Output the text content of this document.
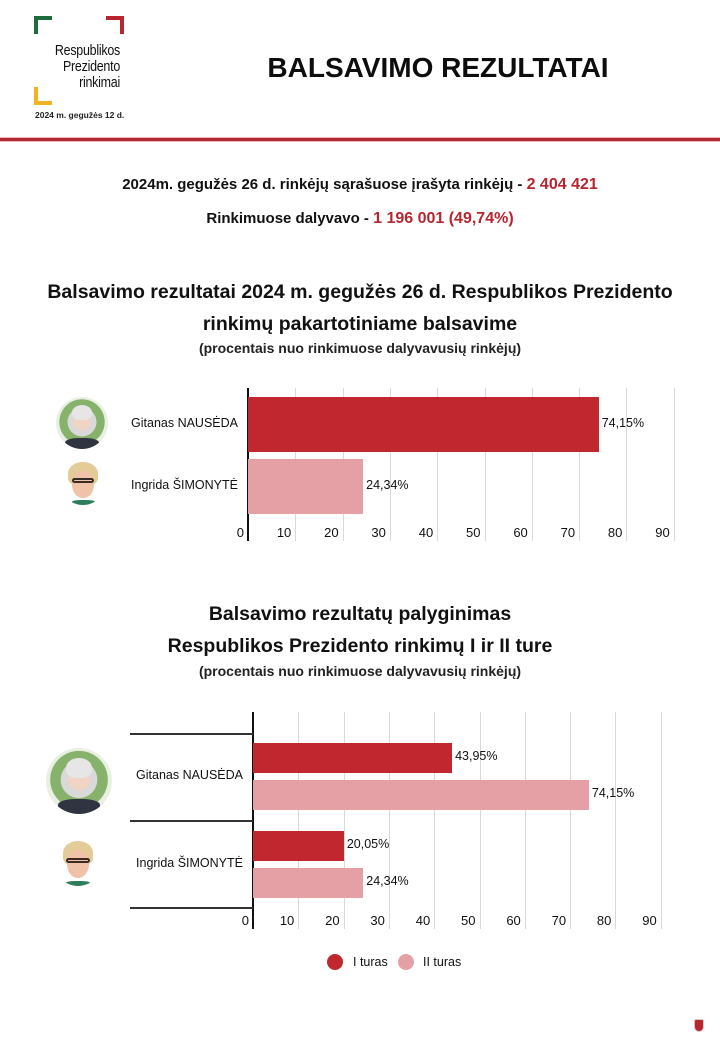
Respublikos
Prezidento
rinkimai
2024 m. gegužės 12 d.
BALSAVIMO REZULTATAI
2024m. gegužės 26 d. rinkėjų sąrašuose įrašyta rinkėjų - 2 404 421
Rinkimuose dalyvavo - 1 196 001 (49,74%)
Balsavimo rezultatai 2024 m. gegužės 26 d. Respublikos Prezidento
rinkimų pakartotiniame balsavime
(procentais nuo rinkimuose dalyvavusių rinkėjų)
0	10	20	30	40	50	60	70	80	90
74,15%
Gitanas NAUSĖDA
24,34%
Ingrida ŠIMONYTĖ
Balsavimo rezultatų palyginimas
Respublikos Prezidento rinkimų I ir II ture
(procentais nuo rinkimuose dalyvavusių rinkėjų)
0	10	20	30	40	50	60	70	80	90
43,95%
74,15%
Gitanas NAUSĖDA
20,05%
24,34%
Ingrida ŠIMONYTĖ
I turas	II turas
